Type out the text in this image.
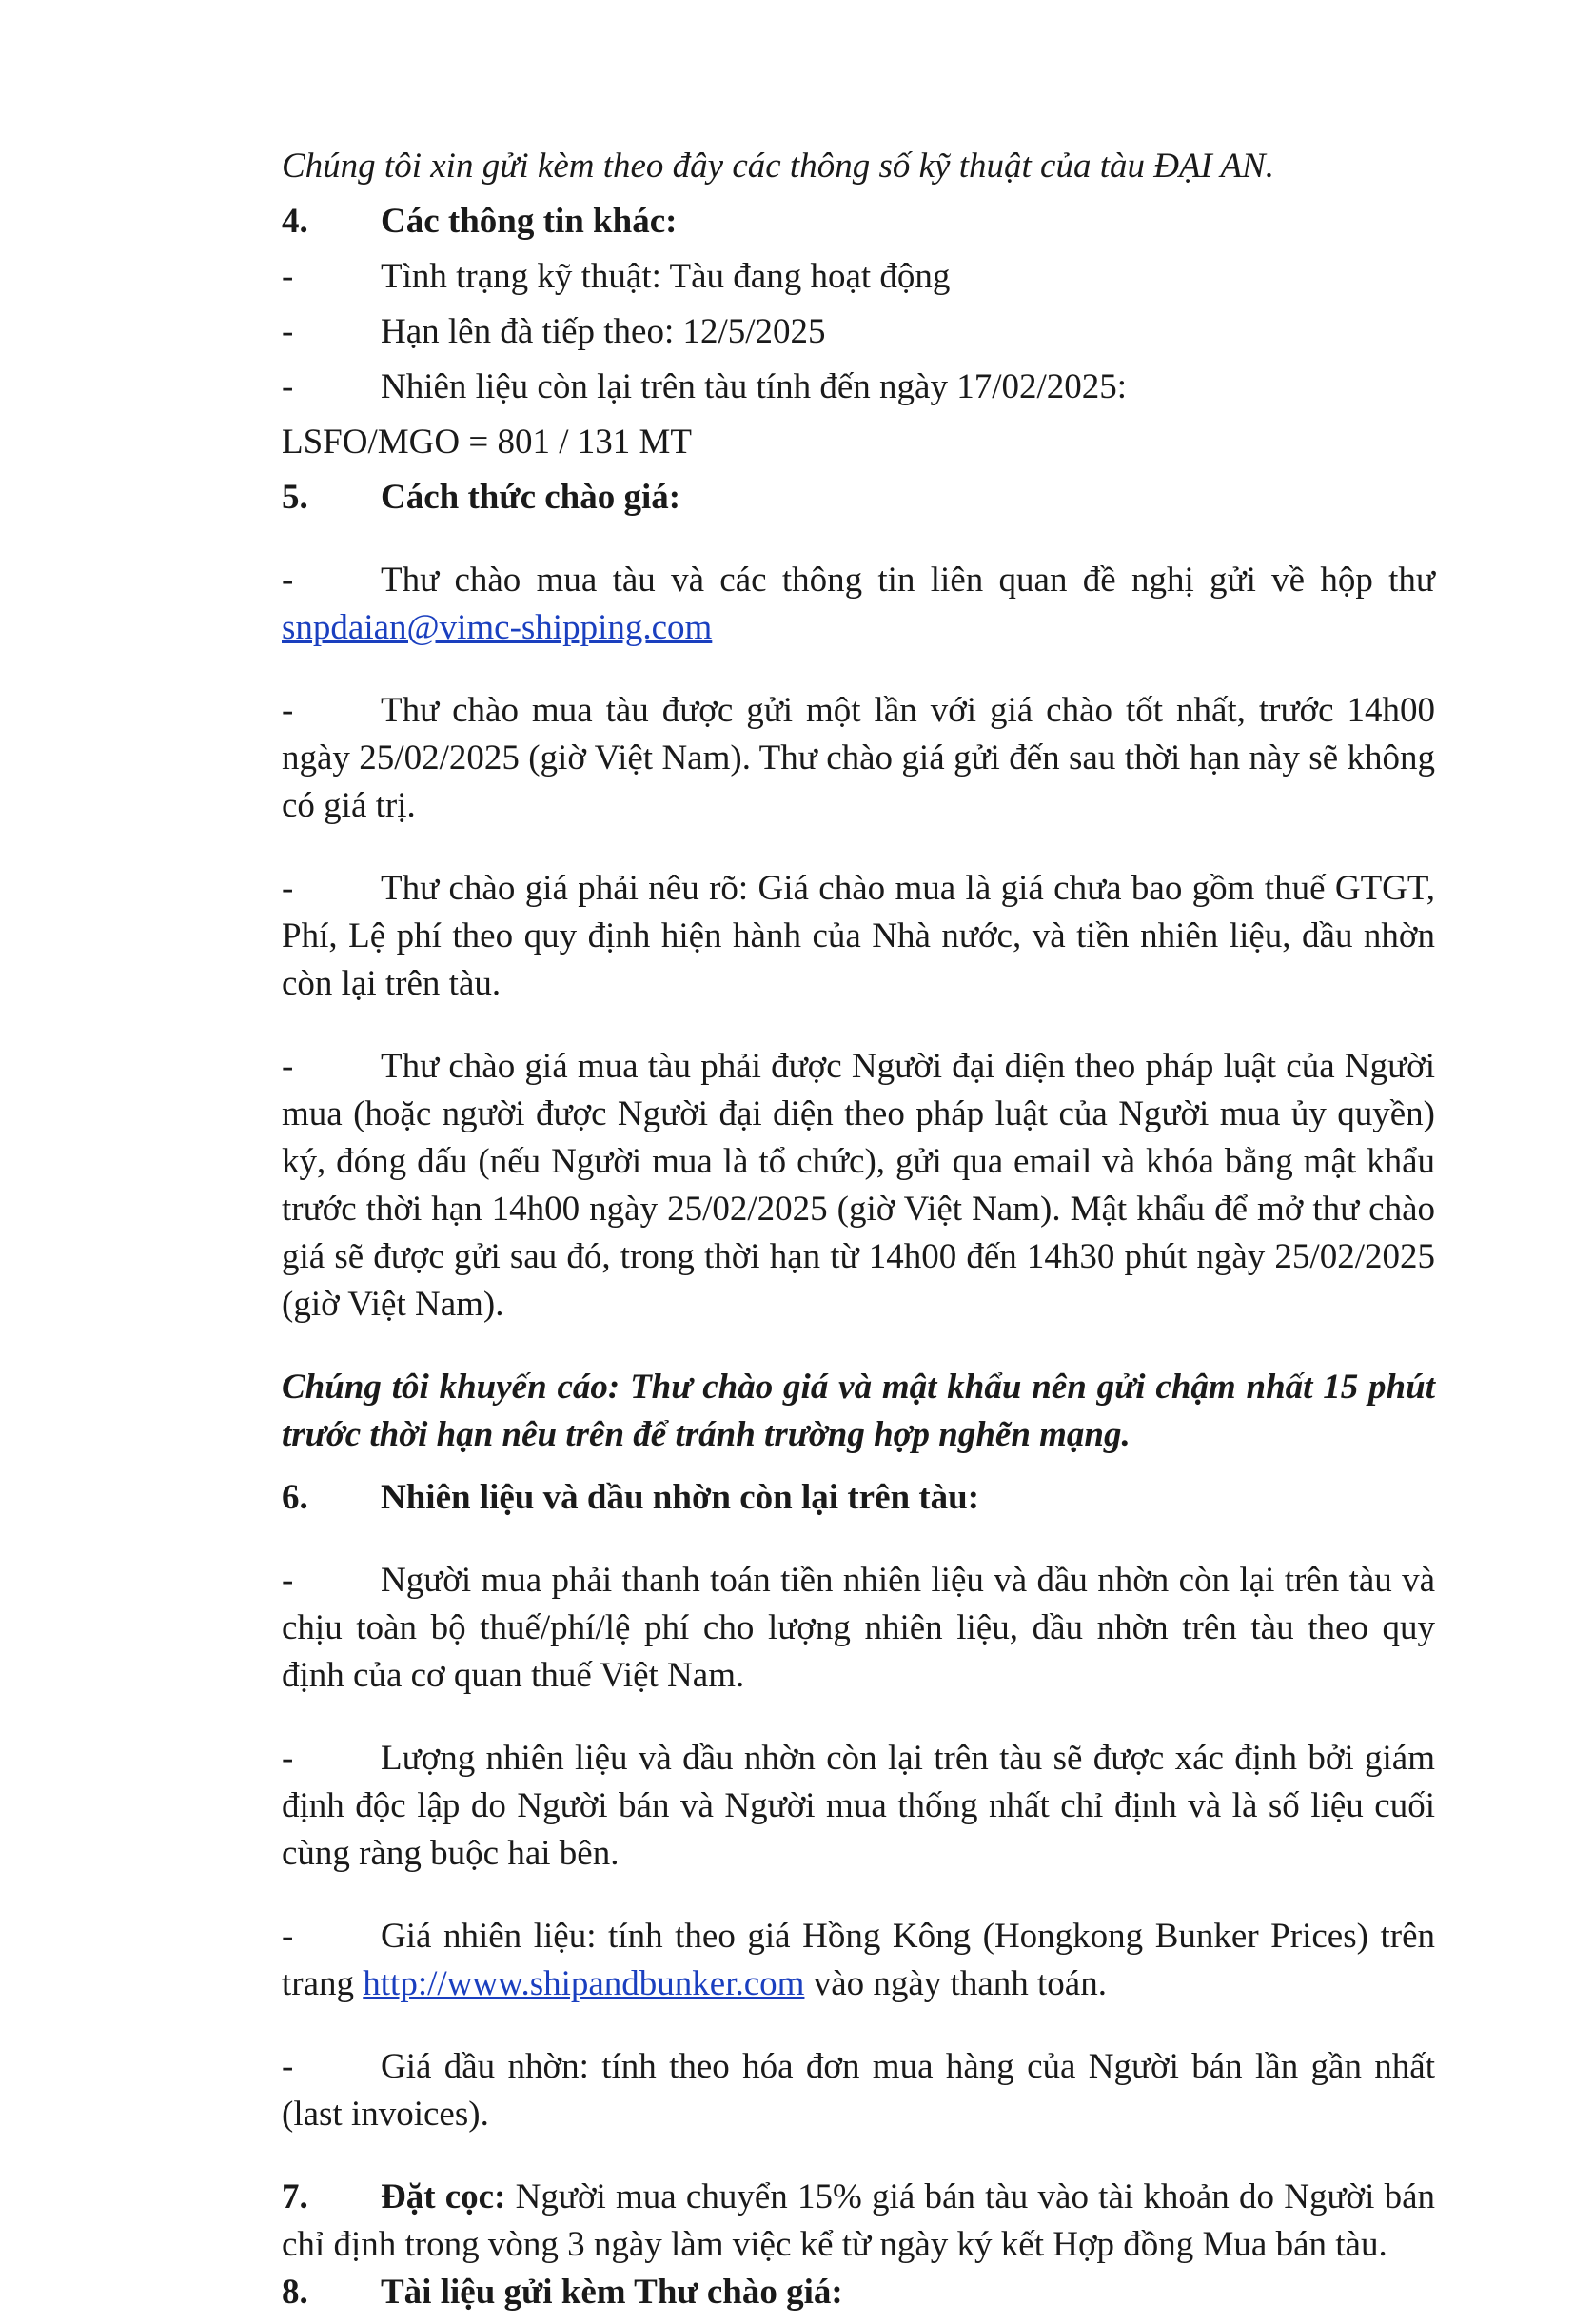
Chúng tôi xin gửi kèm theo đây các thông số kỹ thuật của tàu ĐẠI AN.

4. Các thông tin khác:

- Tình trạng kỹ thuật: Tàu đang hoạt động

- Hạn lên đà tiếp theo: 12/5/2025

- Nhiên liệu còn lại trên tàu tính đến ngày 17/02/2025:

LSFO/MGO = 801 / 131 MT

5. Cách thức chào giá:

- Thư chào mua tàu và các thông tin liên quan đề nghị gửi về hộp thư snpdaian@vimc-shipping.com

- Thư chào mua tàu được gửi một lần với giá chào tốt nhất, trước 14h00 ngày 25/02/2025 (giờ Việt Nam). Thư chào giá gửi đến sau thời hạn này sẽ không có giá trị.

- Thư chào giá phải nêu rõ: Giá chào mua là giá chưa bao gồm thuế GTGT, Phí, Lệ phí theo quy định hiện hành của Nhà nước, và tiền nhiên liệu, dầu nhờn còn lại trên tàu.

- Thư chào giá mua tàu phải được Người đại diện theo pháp luật của Người mua (hoặc người được Người đại diện theo pháp luật của Người mua ủy quyền) ký, đóng dấu (nếu Người mua là tổ chức), gửi qua email và khóa bằng mật khẩu trước thời hạn 14h00 ngày 25/02/2025 (giờ Việt Nam). Mật khẩu để mở thư chào giá sẽ được gửi sau đó, trong thời hạn từ 14h00 đến 14h30 phút ngày 25/02/2025 (giờ Việt Nam).

Chúng tôi khuyến cáo: Thư chào giá và mật khẩu nên gửi chậm nhất 15 phút trước thời hạn nêu trên để tránh trường hợp nghẽn mạng.

6. Nhiên liệu và dầu nhờn còn lại trên tàu:

- Người mua phải thanh toán tiền nhiên liệu và dầu nhờn còn lại trên tàu và chịu toàn bộ thuế/phí/lệ phí cho lượng nhiên liệu, dầu nhờn trên tàu theo quy định của cơ quan thuế Việt Nam.

- Lượng nhiên liệu và dầu nhờn còn lại trên tàu sẽ được xác định bởi giám định độc lập do Người bán và Người mua thống nhất chỉ định và là số liệu cuối cùng ràng buộc hai bên.

- Giá nhiên liệu: tính theo giá Hồng Kông (Hongkong Bunker Prices) trên trang http://www.shipandbunker.com vào ngày thanh toán.

- Giá dầu nhờn: tính theo hóa đơn mua hàng của Người bán lần gần nhất (last invoices).

7. Đặt cọc: Người mua chuyển 15% giá bán tàu vào tài khoản do Người bán chỉ định trong vòng 3 ngày làm việc kể từ ngày ký kết Hợp đồng Mua bán tàu.

8. Tài liệu gửi kèm Thư chào giá:
